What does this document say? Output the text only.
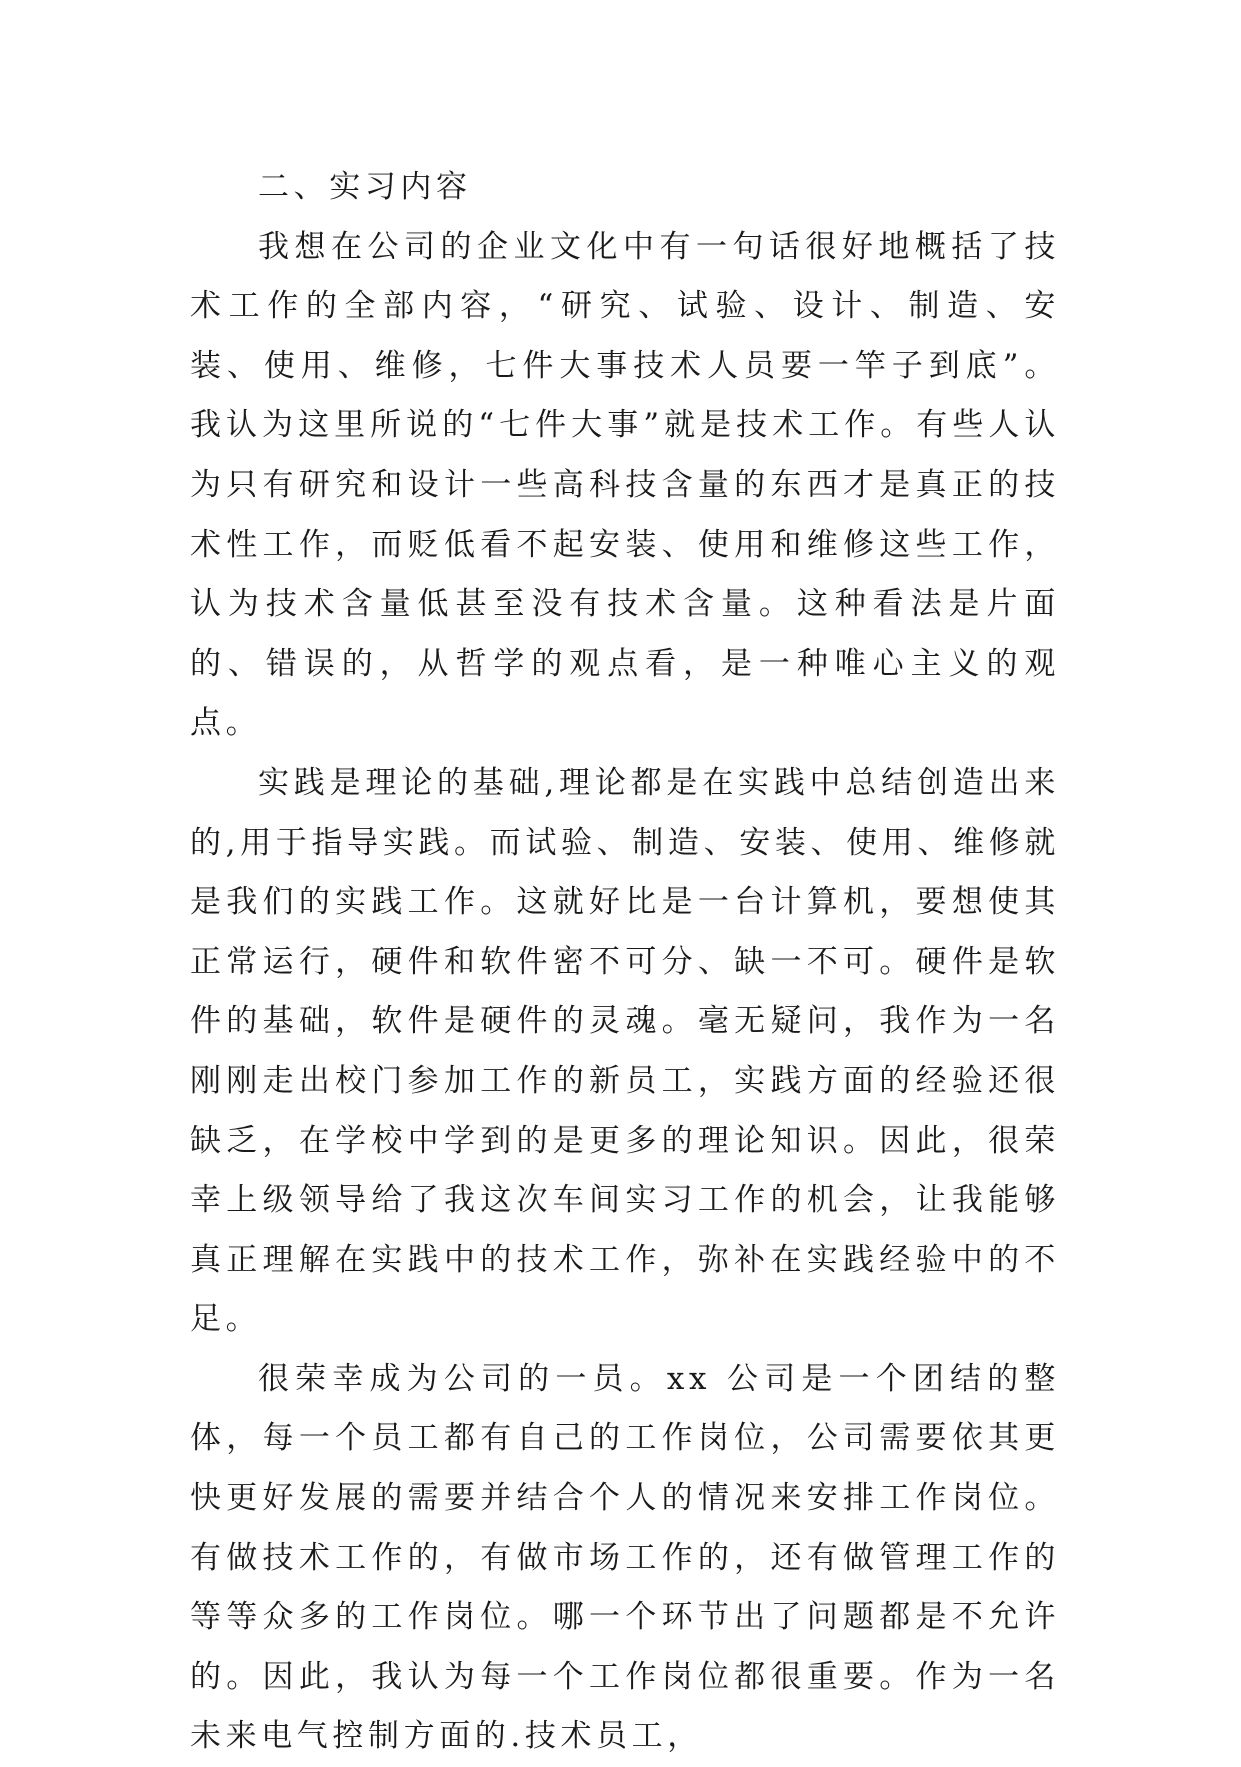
二、实习内容

我想在公司的企业文化中有一句话很好地概括了技术工作的全部内容，“研究、试验、设计、制造、安装、使用、维修，七件大事技术人员要一竿子到底”。我认为这里所说的“七件大事”就是技术工作。有些人认为只有研究和设计一些高科技含量的东西才是真正的技术性工作，而贬低看不起安装、使用和维修这些工作，认为技术含量低甚至没有技术含量。这种看法是片面的、错误的，从哲学的观点看，是一种唯心主义的观点。

实践是理论的基础,理论都是在实践中总结创造出来的,用于指导实践。而试验、制造、安装、使用、维修就是我们的实践工作。这就好比是一台计算机，要想使其正常运行，硬件和软件密不可分、缺一不可。硬件是软件的基础，软件是硬件的灵魂。毫无疑问，我作为一名刚刚走出校门参加工作的新员工，实践方面的经验还很缺乏，在学校中学到的是更多的理论知识。因此，很荣幸上级领导给了我这次车间实习工作的机会，让我能够真正理解在实践中的技术工作，弥补在实践经验中的不足。

很荣幸成为公司的一员。xx 公司是一个团结的整体，每一个员工都有自己的工作岗位，公司需要依其更快更好发展的需要并结合个人的情况来安排工作岗位。有做技术工作的，有做市场工作的，还有做管理工作的等等众多的工作岗位。哪一个环节出了问题都是不允许的。因此，我认为每一个工作岗位都很重要。作为一名未来电气控制方面的.技术员工，
